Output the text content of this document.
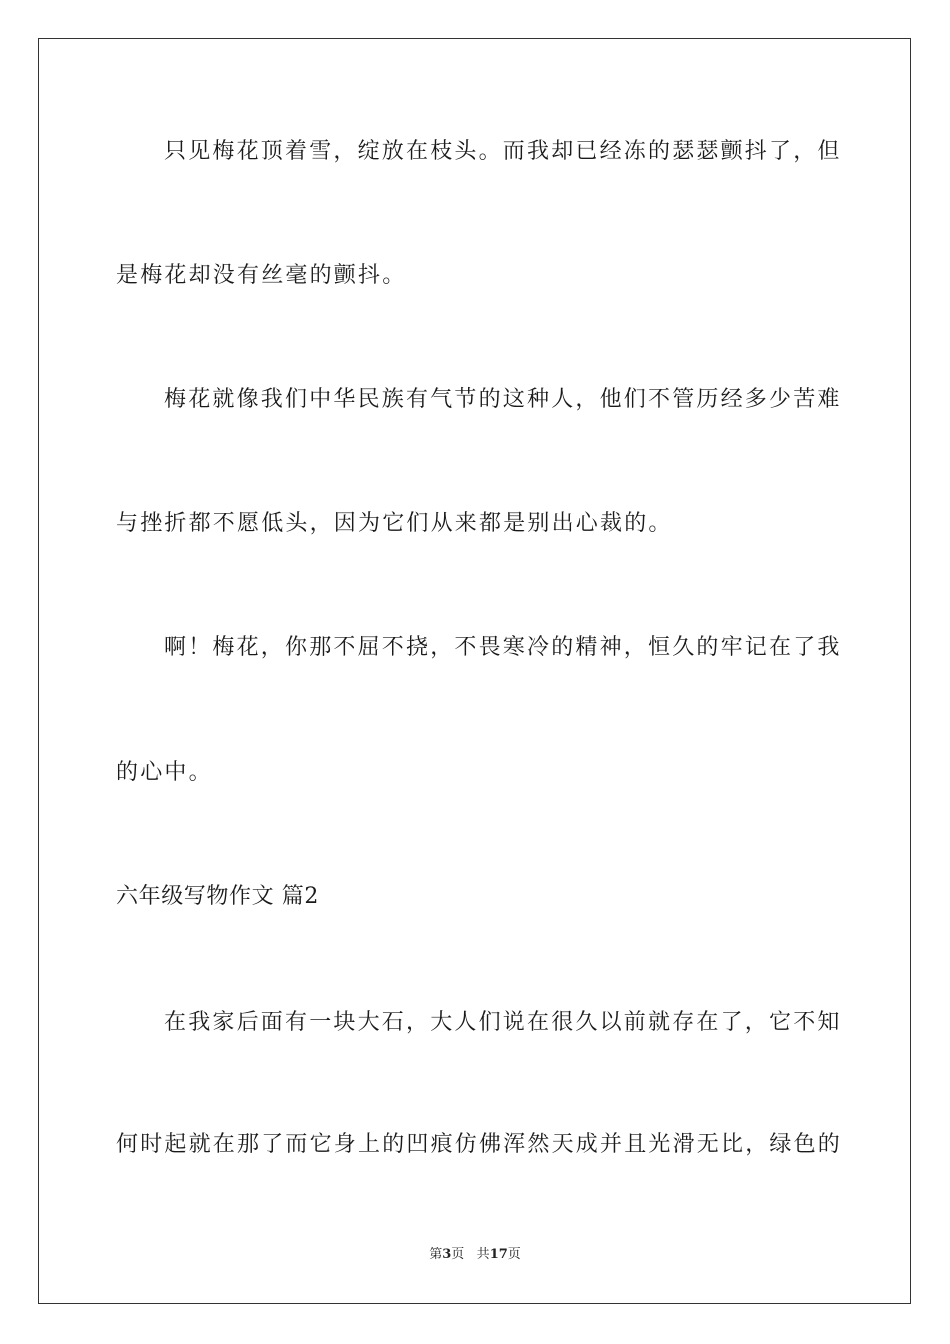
只见梅花顶着雪，绽放在枝头。而我却已经冻的瑟瑟颤抖了，但
是梅花却没有丝毫的颤抖。
梅花就像我们中华民族有气节的这种人，他们不管历经多少苦难
与挫折都不愿低头，因为它们从来都是别出心裁的。
啊！梅花，你那不屈不挠，不畏寒冷的精神，恒久的牢记在了我
的心中。
六年级写物作文 篇2
在我家后面有一块大石，大人们说在很久以前就存在了，它不知
何时起就在那了而它身上的凹痕仿佛浑然天成并且光滑无比，绿色的
第3页 共17页
